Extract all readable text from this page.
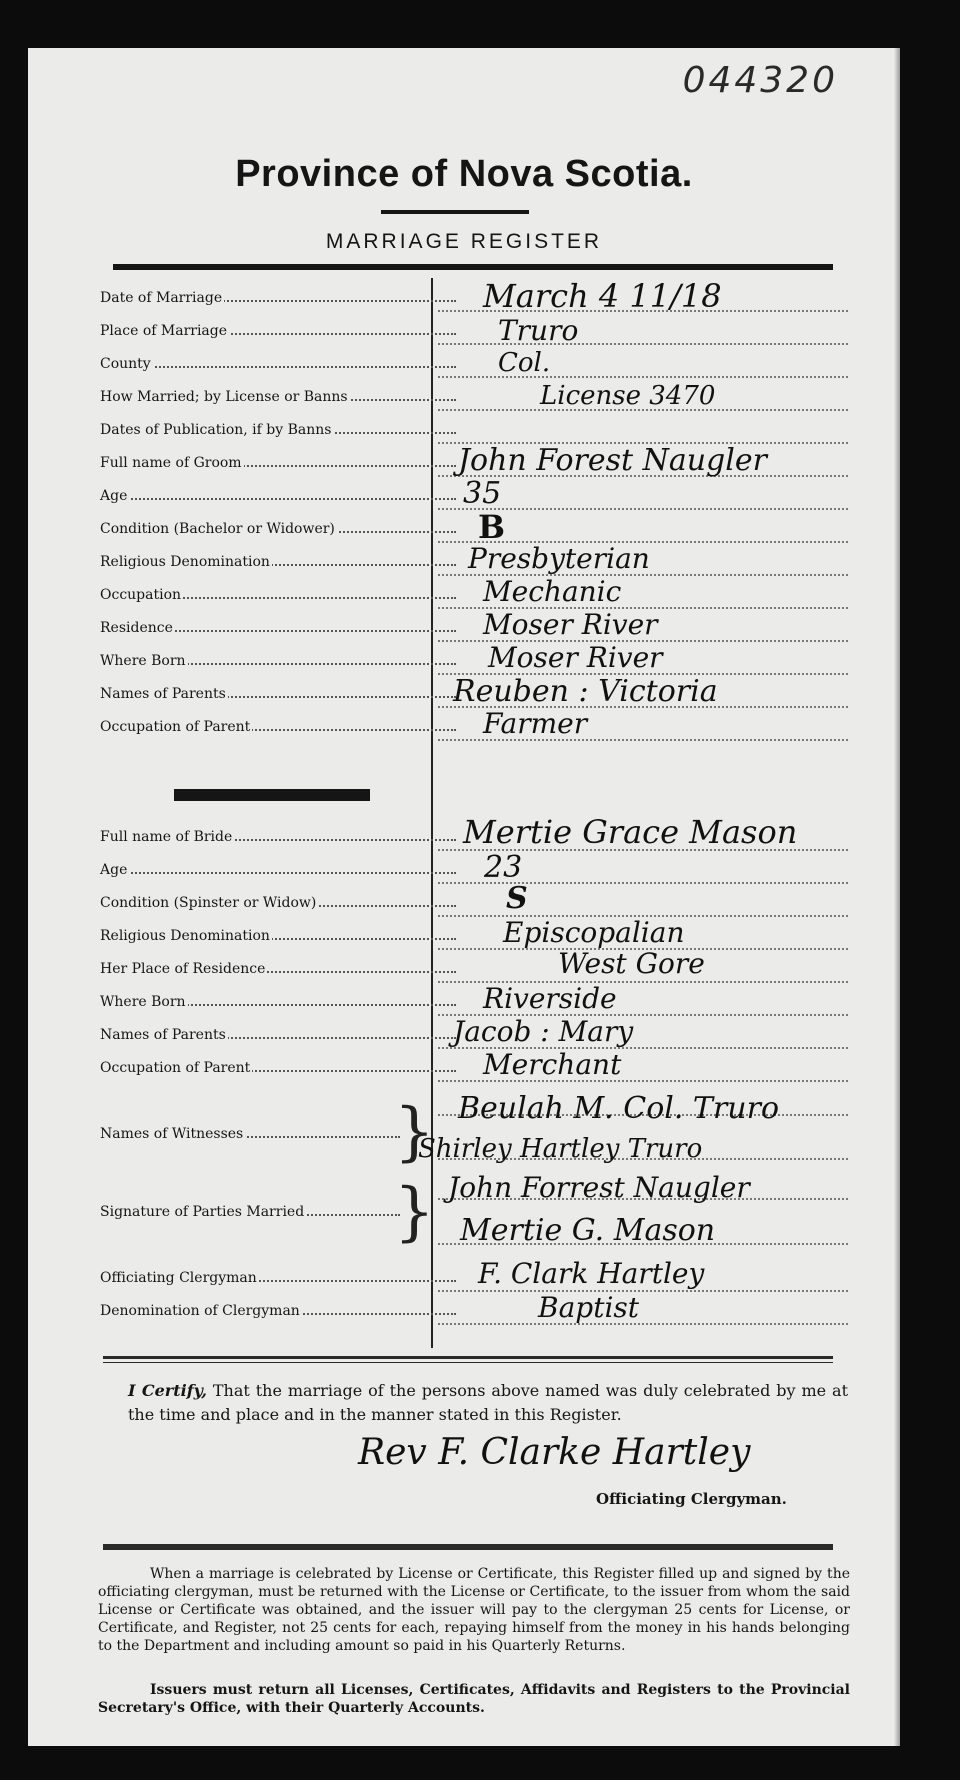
044320
Province of Nova Scotia.
MARRIAGE REGISTER
Date of Marriage
Place of Marriage
County
How Married; by License or Banns
Dates of Publication, if by Banns
Full name of Groom
Age
Condition (Bachelor or Widower)
Religious Denomination
Occupation
Residence
Where Born
Names of Parents
Occupation of Parent
Full name of Bride
Age
Condition (Spinster or Widow)
Religious Denomination
Her Place of Residence
Where Born
Names of Parents
Occupation of Parent
Names of Witnesses }
Signature of Parties Married }
Officiating Clergyman
Denomination of Clergyman
March 4 11/18
Truro
Col.
License 3470
John Forest Naugler
35
B
Presbyterian
Mechanic
Moser River
Moser River
Reuben : Victoria
Farmer
Mertie Grace Mason
23
S
Episcopalian
West Gore
Riverside
Jacob : Mary
Merchant
Beulah M. Col. Truro
Shirley Hartley Truro
John Forrest Naugler
Mertie G. Mason
F. Clark Hartley
Baptist
I Certify, That the marriage of the persons above named was duly celebrated by me at the time and place and in the manner stated in this Register.
Rev F. Clarke Hartley
Officiating Clergyman.
When a marriage is celebrated by License or Certificate, this Register filled up and signed by the officiating clergyman, must be returned with the License or Certificate, to the issuer from whom the said License or Certificate was obtained, and the issuer will pay to the clergyman 25 cents for License, or Certificate, and Register, not 25 cents for each, repaying himself from the money in his hands belonging to the Department and including amount so paid in his Quarterly Returns.
Issuers must return all Licenses, Certificates, Affidavits and Registers to the Provincial Secretary's Office, with their Quarterly Accounts.
